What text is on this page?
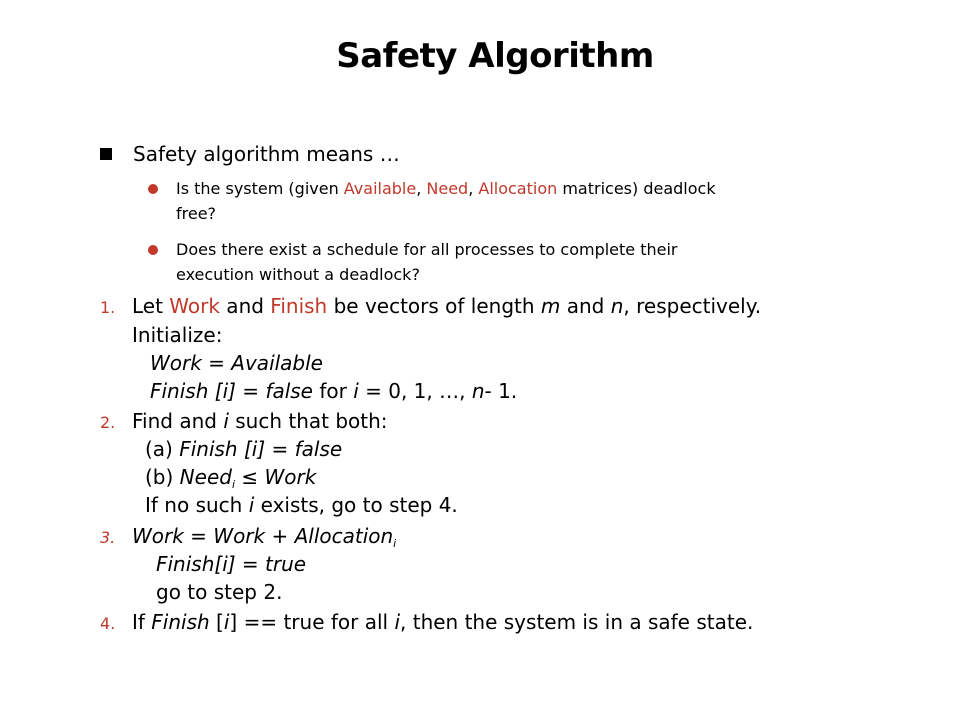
Safety Algorithm
Safety algorithm means …
Is the system (given Available, Need, Allocation matrices) deadlock
free?
Does there exist a schedule for all processes to complete their
execution without a deadlock?
1. Let Work and Finish be vectors of length m and n, respectively.
Initialize:
Work = Available
Finish [i] = false for i = 0, 1, …, n- 1.
2. Find and i such that both:
(a) Finish [i] = false
(b) Need$_i$ ≤ Work
If no such i exists, go to step 4.
3. Work = Work + Allocation$_i$
Finish[i] = true
go to step 2.
4. If Finish [i] == true for all i, then the system is in a safe state.
